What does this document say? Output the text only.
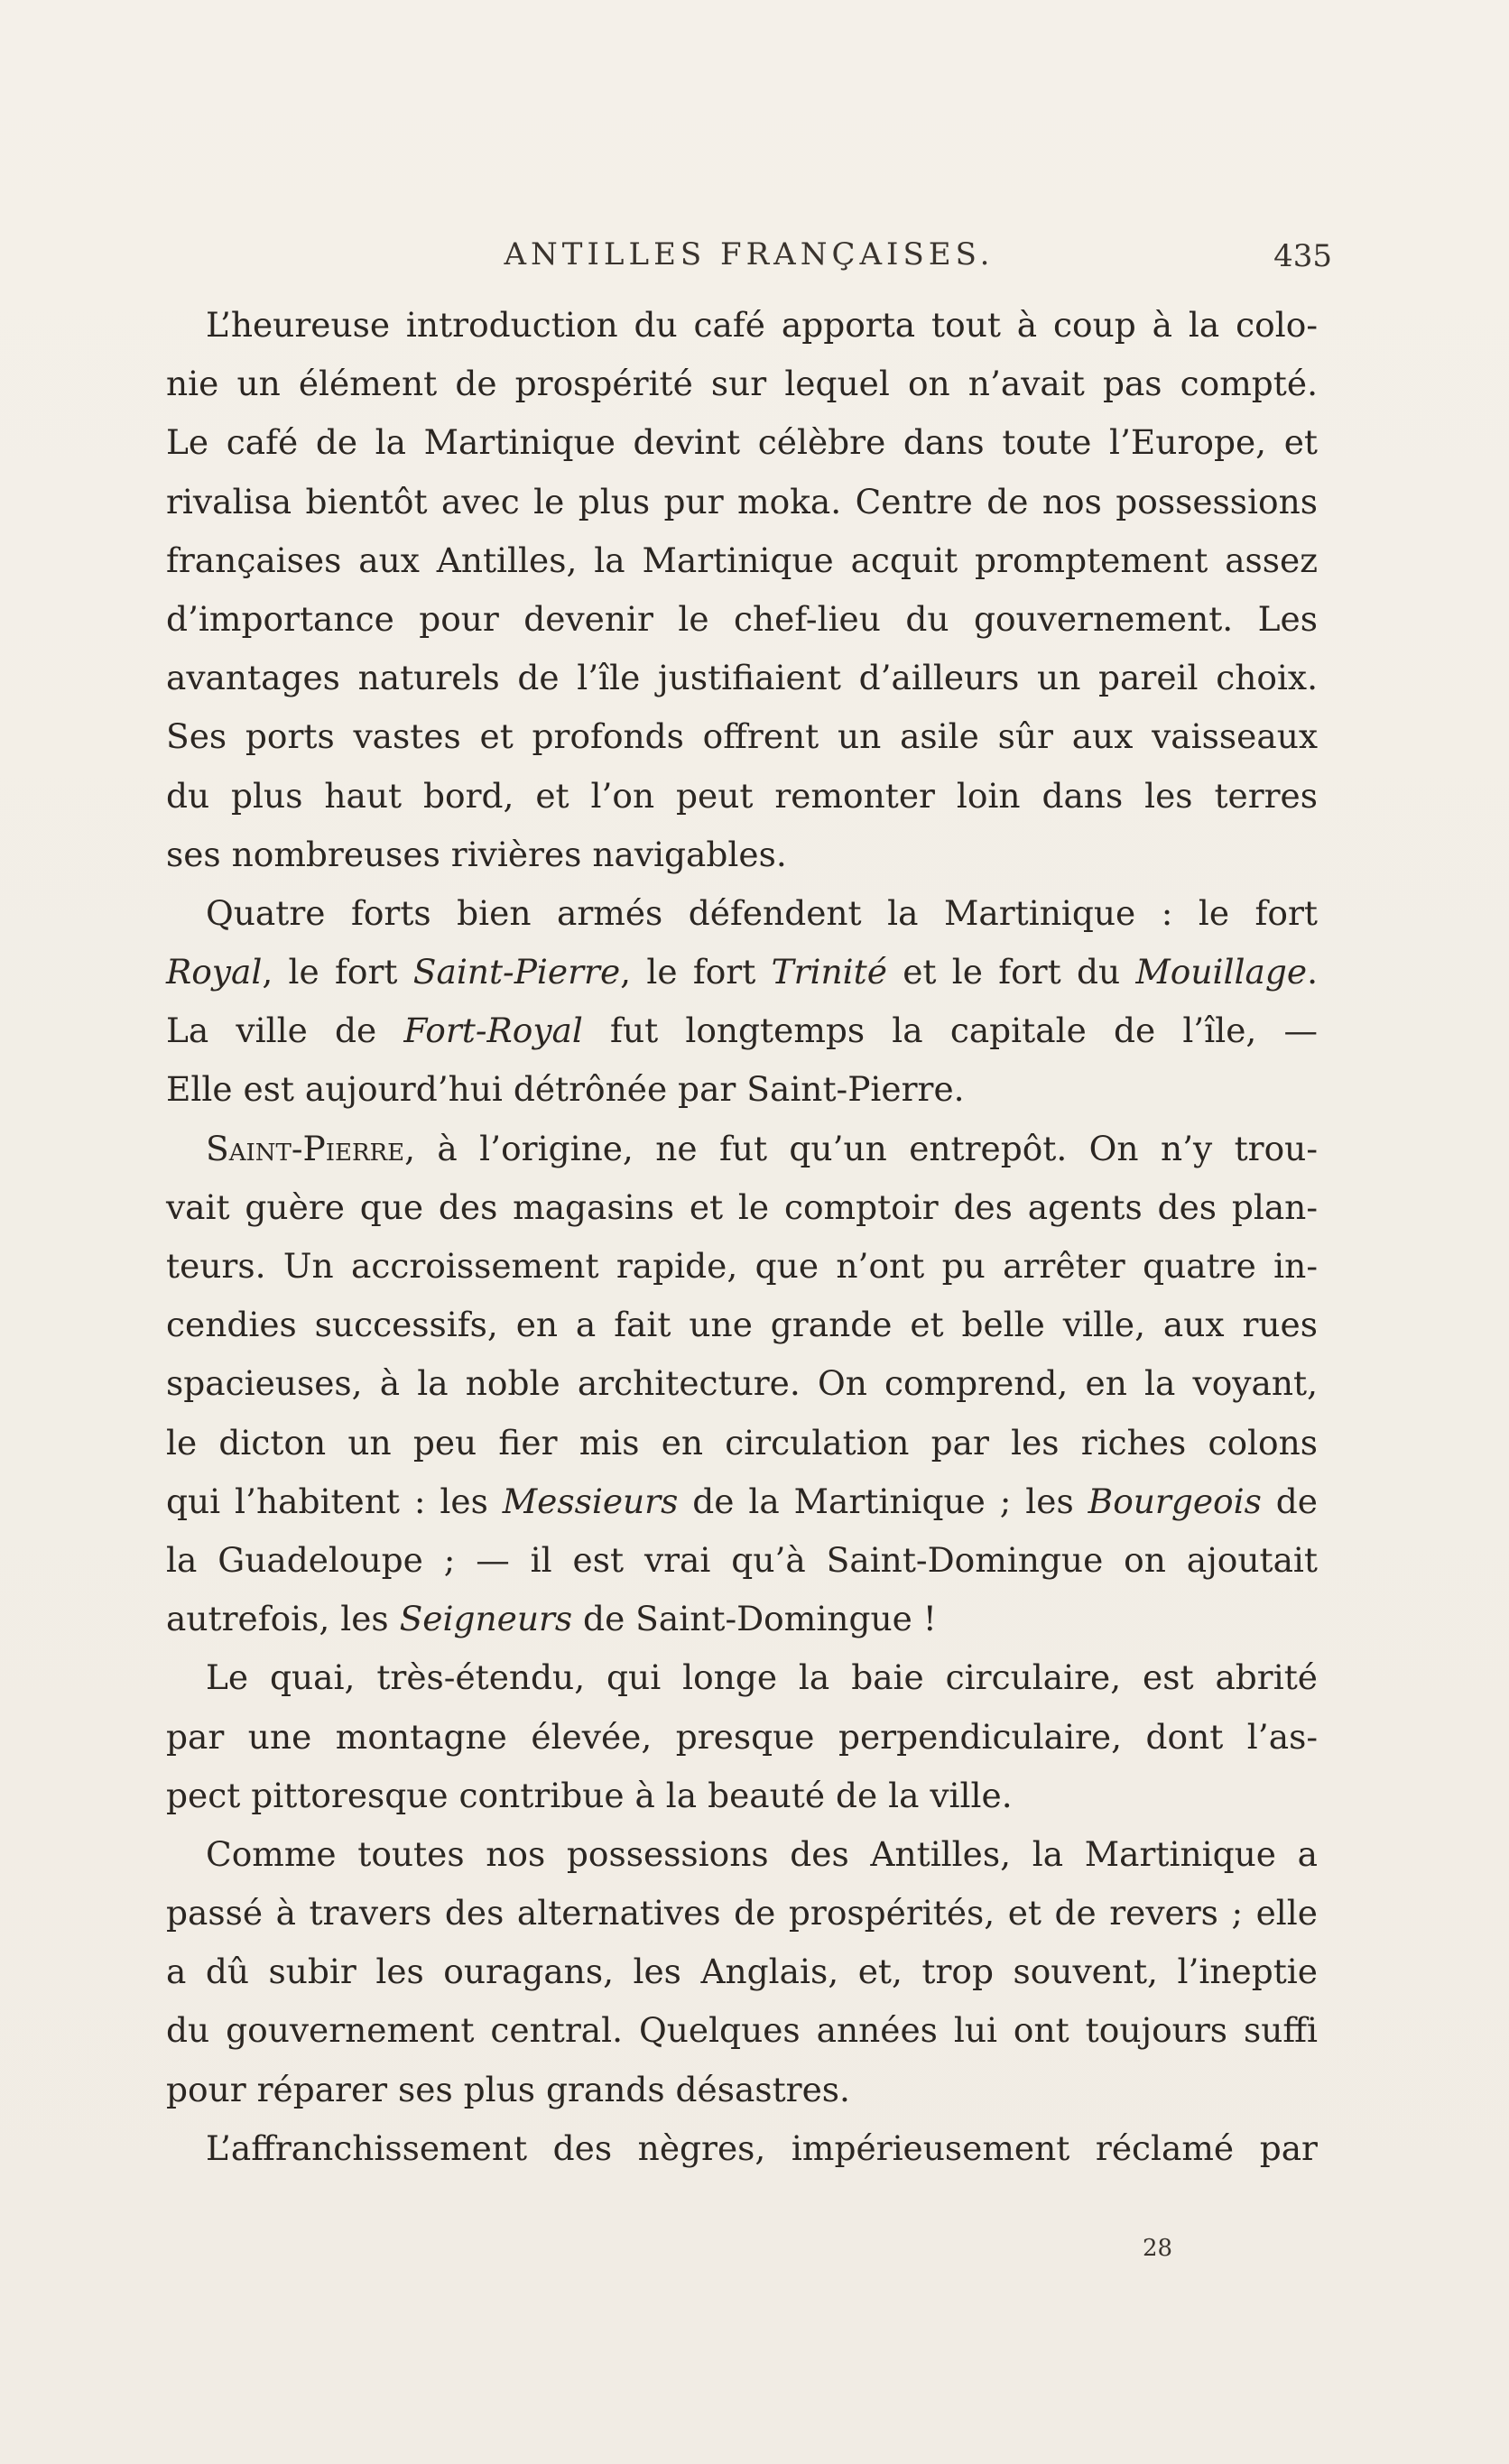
ANTILLES FRANÇAISES.	435
L’heureuse introduction du café apporta tout à coup à la colo-
nie un élément de prospérité sur lequel on n’avait pas compté.
Le café de la Martinique devint célèbre dans toute l’Europe, et
rivalisa bientôt avec le plus pur moka. Centre de nos possessions
françaises aux Antilles, la Martinique acquit promptement assez
d’importance pour devenir le chef-lieu du gouvernement. Les
avantages naturels de l’île justifiaient d’ailleurs un pareil choix.
Ses ports vastes et profonds offrent un asile sûr aux vaisseaux
du plus haut bord, et l’on peut remonter loin dans les terres
ses nombreuses rivières navigables.
Quatre forts bien armés défendent la Martinique : le fort
Royal, le fort Saint-Pierre, le fort Trinité et le fort du Mouillage.
La ville de Fort-Royal fut longtemps la capitale de l’île, —
Elle est aujourd’hui détrônée par Saint-Pierre.
Saint-Pierre, à l’origine, ne fut qu’un entrepôt. On n’y trou-
vait guère que des magasins et le comptoir des agents des plan-
teurs. Un accroissement rapide, que n’ont pu arrêter quatre in-
cendies successifs, en a fait une grande et belle ville, aux rues
spacieuses, à la noble architecture. On comprend, en la voyant,
le dicton un peu fier mis en circulation par les riches colons
qui l’habitent : les Messieurs de la Martinique ; les Bourgeois de
la Guadeloupe ; — il est vrai qu’à Saint-Domingue on ajoutait
autrefois, les Seigneurs de Saint-Domingue !
Le quai, très-étendu, qui longe la baie circulaire, est abrité
par une montagne élevée, presque perpendiculaire, dont l’as-
pect pittoresque contribue à la beauté de la ville.
Comme toutes nos possessions des Antilles, la Martinique a
passé à travers des alternatives de prospérités, et de revers ; elle
a dû subir les ouragans, les Anglais, et, trop souvent, l’ineptie
du gouvernement central. Quelques années lui ont toujours suffi
pour réparer ses plus grands désastres.
L’affranchissement des nègres, impérieusement réclamé par
28
